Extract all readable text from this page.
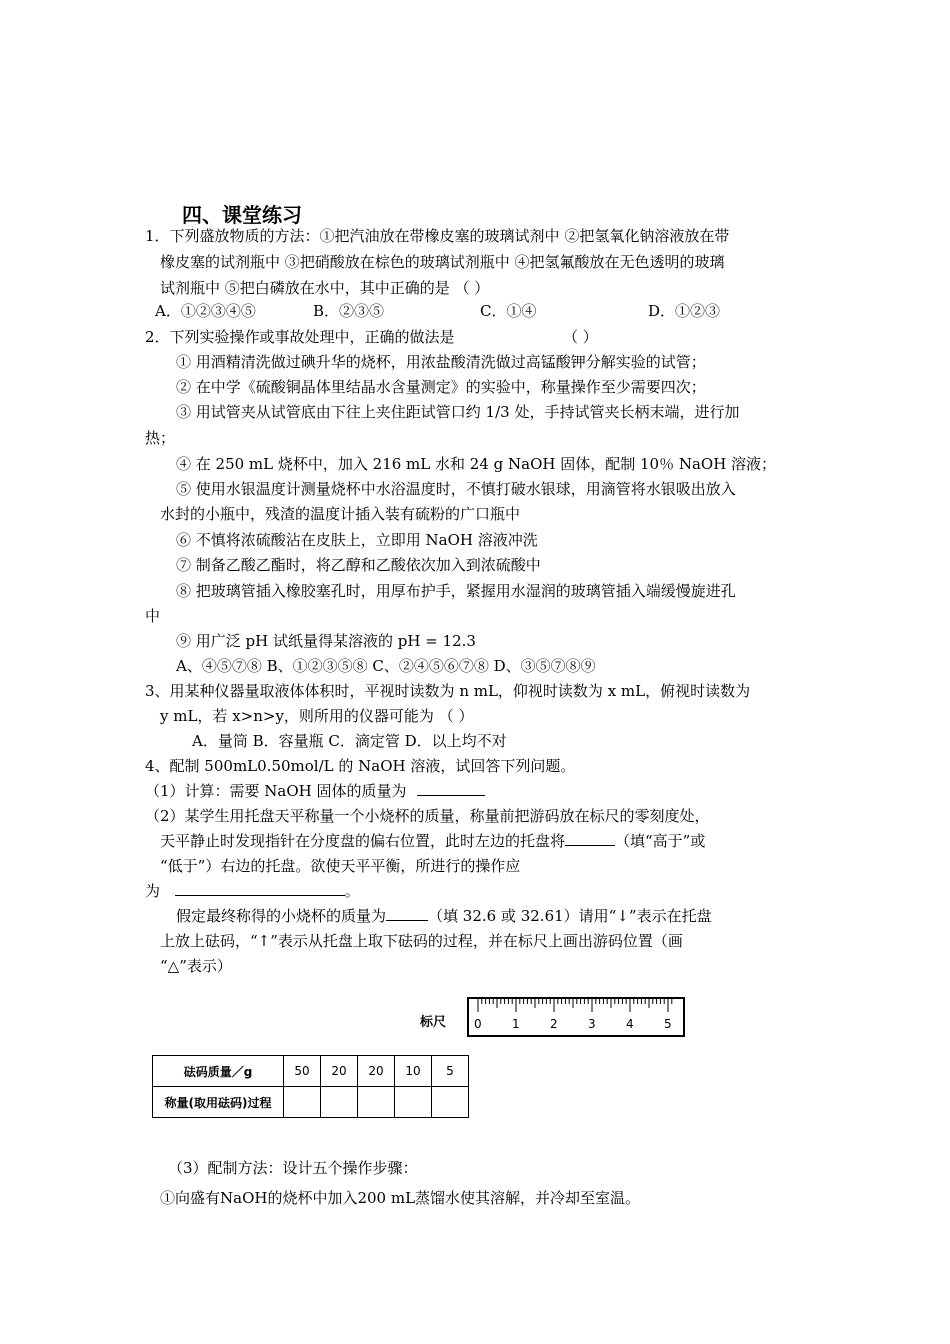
四、课堂练习
1．下列盛放物质的方法：①把汽油放在带橡皮塞的玻璃试剂中 ②把氢氧化钠溶液放在带
橡皮塞的试剂瓶中 ③把硝酸放在棕色的玻璃试剂瓶中 ④把氢氟酸放在无色透明的玻璃
试剂瓶中 ⑤把白磷放在水中，其中正确的是 （ ）
A．①②③④⑤	B．②③⑤	C．①④	D．①②③
2．下列实验操作或事故处理中，正确的做法是	（ ）
① 用酒精清洗做过碘升华的烧杯，用浓盐酸清洗做过高锰酸钾分解实验的试管；
② 在中学《硫酸铜晶体里结晶水含量测定》的实验中，称量操作至少需要四次；
③ 用试管夹从试管底由下往上夹住距试管口约 1/3 处，手持试管夹长柄末端，进行加
热；
④ 在 250 mL 烧杯中，加入 216 mL 水和 24 g NaOH 固体，配制 10％ NaOH 溶液；
⑤ 使用水银温度计测量烧杯中水浴温度时，不慎打破水银球，用滴管将水银吸出放入
水封的小瓶中，残渣的温度计插入装有硫粉的广口瓶中
⑥ 不慎将浓硫酸沾在皮肤上，立即用 NaOH 溶液冲洗
⑦ 制备乙酸乙酯时，将乙醇和乙酸依次加入到浓硫酸中
⑧ 把玻璃管插入橡胶塞孔时，用厚布护手，紧握用水湿润的玻璃管插入端缓慢旋进孔
中
⑨ 用广泛 pH 试纸量得某溶液的 pH = 12.3
A、④⑤⑦⑧ B、①②③⑤⑧ C、②④⑤⑥⑦⑧ D、③⑤⑦⑧⑨
3、用某种仪器量取液体体积时，平视时读数为 n mL，仰视时读数为 x mL，俯视时读数为
y mL，若 x>n>y，则所用的仪器可能为 （ ）
A．量筒 B．容量瓶 C．滴定管 D．以上均不对
4、配制 500mL0.50mol/L 的 NaOH 溶液，试回答下列问题。
（1）计算：需要 NaOH 固体的质量为
（2）某学生用托盘天平称量一个小烧杯的质量，称量前把游码放在标尺的零刻度处，
天平静止时发现指针在分度盘的偏右位置，此时左边的托盘将	（填“高于”或
“低于”）右边的托盘。欲使天平平衡，所进行的操作应
为	。
假定最终称得的小烧杯的质量为	（填 32.6 或 32.61）请用“↓”表示在托盘
上放上砝码，“↑”表示从托盘上取下砝码的过程，并在标尺上画出游码位置（画
“△”表示）
标尺 0	1	2	3	4	5
砝码质量／g	50	20	20	10	5
称量(取用砝码)过程					
（3）配制方法：设计五个操作步骤：
①向盛有NaOH的烧杯中加入200 mL蒸馏水使其溶解，并冷却至室温。
